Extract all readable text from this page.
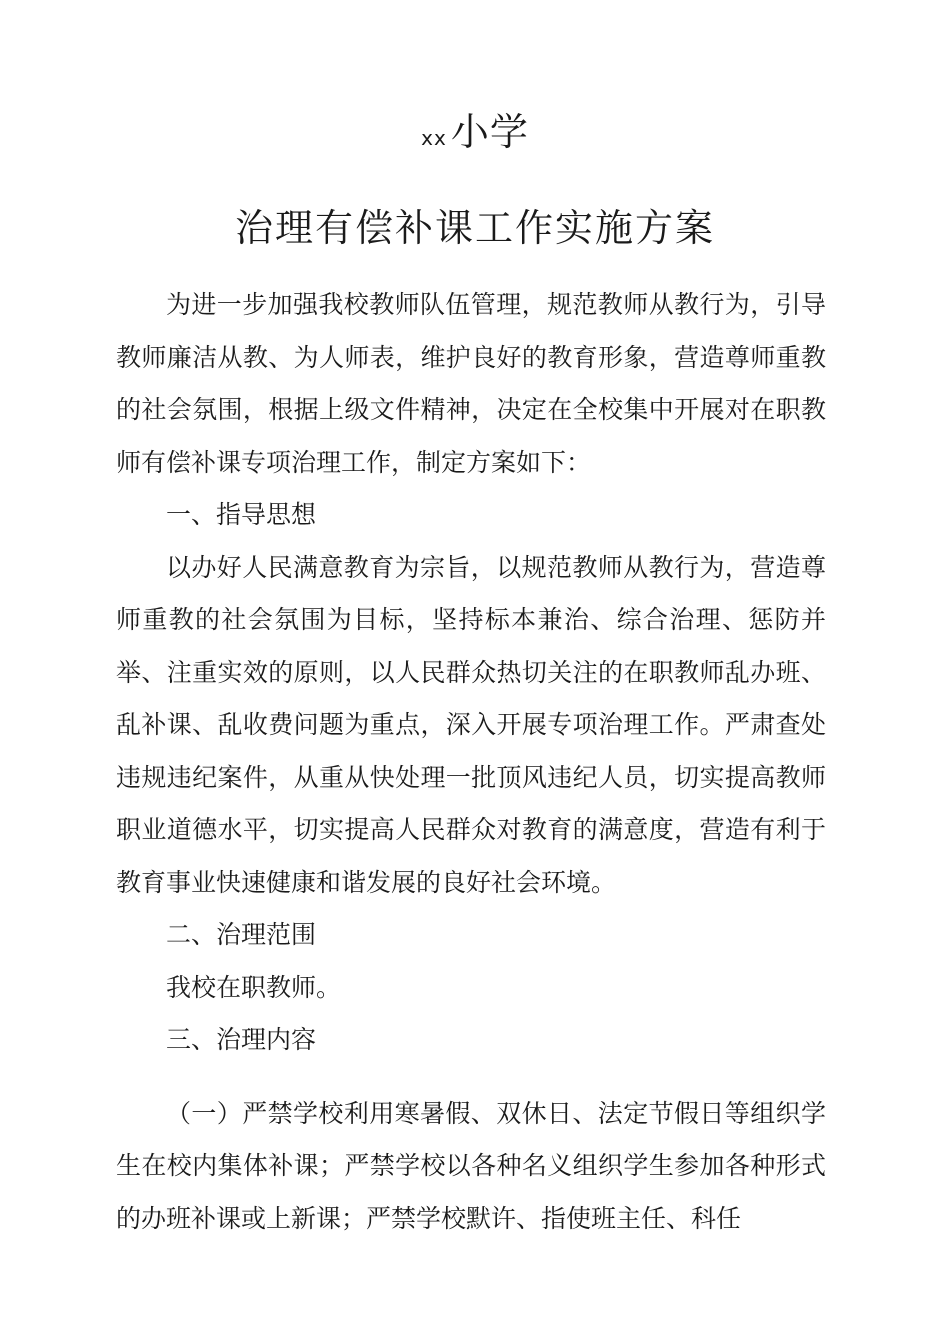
xx 小学
治理有偿补课工作实施方案

为进一步加强我校教师队伍管理，规范教师从教行为，引导教师廉洁从教、为人师表，维护良好的教育形象，营造尊师重教的社会氛围，根据上级文件精神，决定在全校集中开展对在职教师有偿补课专项治理工作，制定方案如下：

一、指导思想

以办好人民满意教育为宗旨，以规范教师从教行为，营造尊师重教的社会氛围为目标，坚持标本兼治、综合治理、惩防并举、注重实效的原则，以人民群众热切关注的在职教师乱办班、乱补课、乱收费问题为重点，深入开展专项治理工作。严肃查处违规违纪案件，从重从快处理一批顶风违纪人员，切实提高教师职业道德水平，切实提高人民群众对教育的满意度，营造有利于教育事业快速健康和谐发展的良好社会环境。

二、治理范围

我校在职教师。

三、治理内容

（一）严禁学校利用寒暑假、双休日、法定节假日等组织学生在校内集体补课；严禁学校以各种名义组织学生参加各种形式的办班补课或上新课；严禁学校默许、指使班主任、科任
